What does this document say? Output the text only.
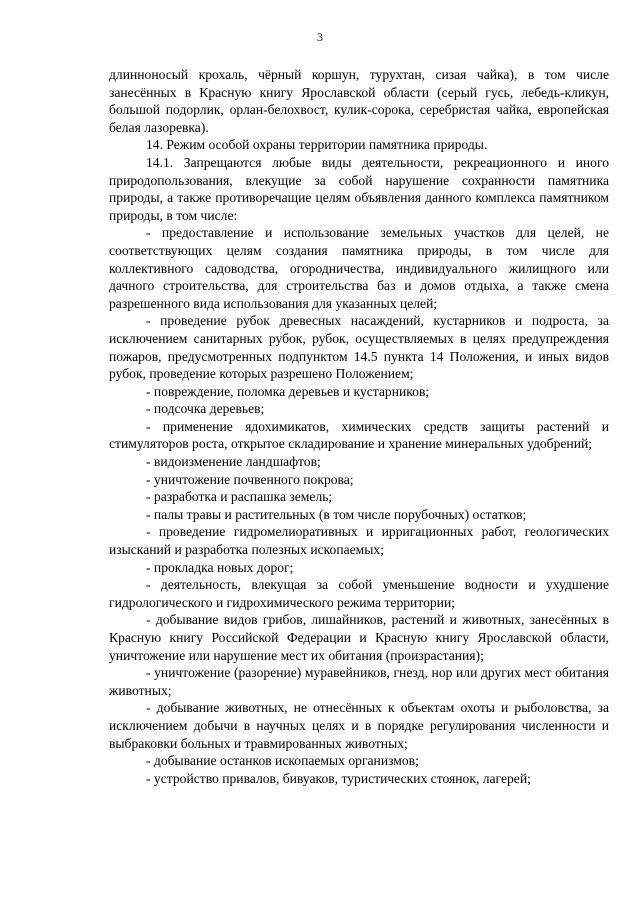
3

длинноносый крохаль, чёрный коршун, турухтан, сизая чайка), в том числе занесённых в Красную книгу Ярославской области (серый гусь, лебедь-кликун, большой подорлик, орлан-белохвост, кулик-сорока, серебристая чайка, европейская белая лазоревка).

14. Режим особой охраны территории памятника природы.

14.1. Запрещаются любые виды деятельности, рекреационного и иного природопользования, влекущие за собой нарушение сохранности памятника природы, а также противоречащие целям объявления данного комплекса памятником природы, в том числе:

- предоставление и использование земельных участков для целей, не соответствующих целям создания памятника природы, в том числе для коллективного садоводства, огородничества, индивидуального жилищного или дачного строительства, для строительства баз и домов отдыха, а также смена разрешенного вида использования для указанных целей;

- проведение рубок древесных насаждений, кустарников и подроста, за исключением санитарных рубок, рубок, осуществляемых в целях предупреждения пожаров, предусмотренных подпунктом 14.5 пункта 14 Положения, и иных видов рубок, проведение которых разрешено Положением;

- повреждение, поломка деревьев и кустарников;

- подсочка деревьев;

- применение ядохимикатов, химических средств защиты растений и стимуляторов роста, открытое складирование и хранение минеральных удобрений;

- видоизменение ландшафтов;

- уничтожение почвенного покрова;

- разработка и распашка земель;

- палы травы и растительных (в том числе порубочных) остатков;

- проведение гидромелиоративных и ирригационных работ, геологических изысканий и разработка полезных ископаемых;

- прокладка новых дорог;

- деятельность, влекущая за собой уменьшение водности и ухудшение гидрологического и гидрохимического режима территории;

- добывание видов грибов, лишайников, растений и животных, занесённых в Красную книгу Российской Федерации и Красную книгу Ярославской области, уничтожение или нарушение мест их обитания (произрастания);

- уничтожение (разорение) муравейников, гнезд, нор или других мест обитания животных;

- добывание животных, не отнесённых к объектам охоты и рыболовства, за исключением добычи в научных целях и в порядке регулирования численности и выбраковки больных и травмированных животных;

- добывание останков ископаемых организмов;

- устройство привалов, бивуаков, туристических стоянок, лагерей;
